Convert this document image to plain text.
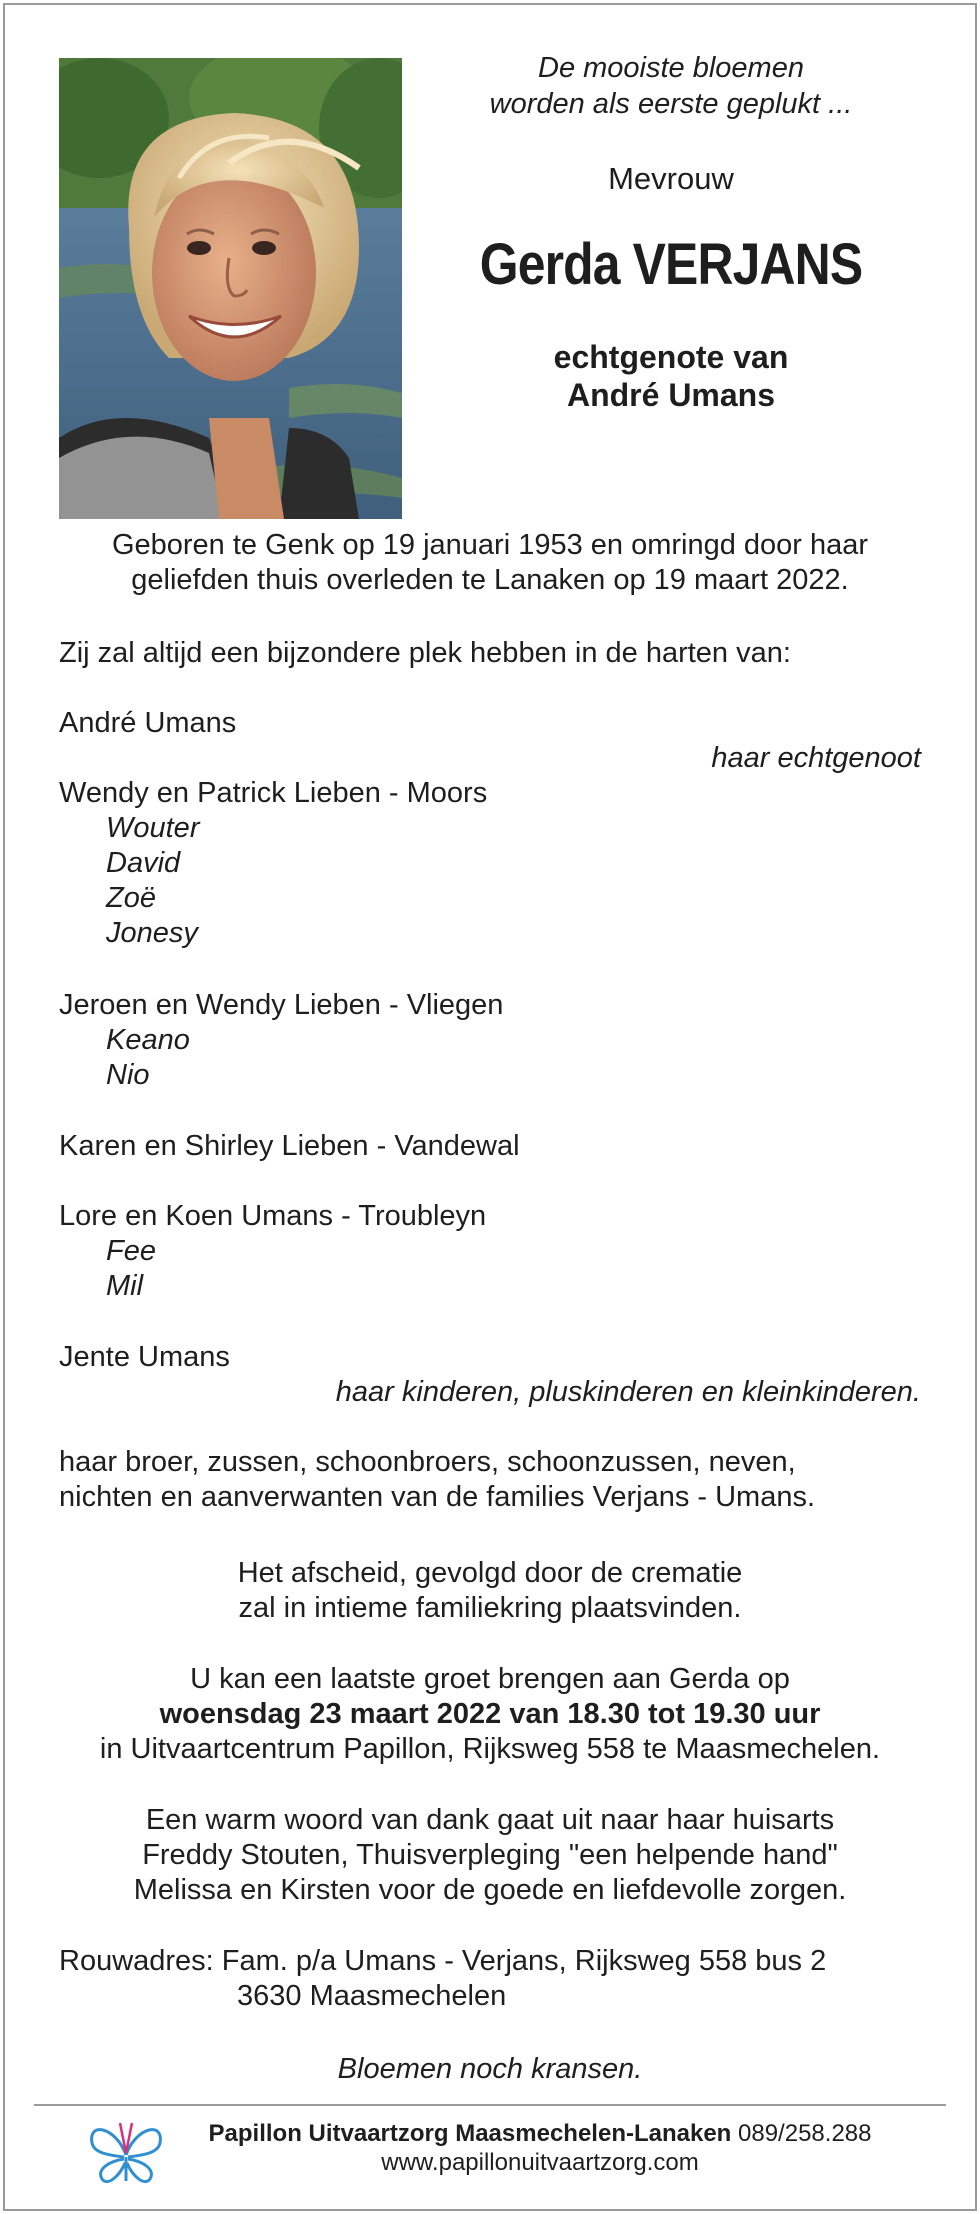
De mooiste bloemen
worden als eerste geplukt ...
Mevrouw
Gerda VERJANS
echtgenote van
André Umans
Geboren te Genk op 19 januari 1953 en omringd door haar
geliefden thuis overleden te Lanaken op 19 maart 2022.
Zij zal altijd een bijzondere plek hebben in de harten van:
André Umans
haar echtgenoot
Wendy en Patrick Lieben - Moors
Wouter
David
Zoë
Jonesy
Jeroen en Wendy Lieben - Vliegen
Keano
Nio
Karen en Shirley Lieben - Vandewal
Lore en Koen Umans - Troubleyn
Fee
Mil
Jente Umans
haar kinderen, pluskinderen en kleinkinderen.
haar broer, zussen, schoonbroers, schoonzussen, neven,
nichten en aanverwanten van de families Verjans - Umans.
Het afscheid, gevolgd door de crematie
zal in intieme familiekring plaatsvinden.
U kan een laatste groet brengen aan Gerda op
woensdag 23 maart 2022 van 18.30 tot 19.30 uur
in Uitvaartcentrum Papillon, Rijksweg 558 te Maasmechelen.
Een warm woord van dank gaat uit naar haar huisarts
Freddy Stouten, Thuisverpleging "een helpende hand"
Melissa en Kirsten voor de goede en liefdevolle zorgen.
Rouwadres: Fam. p/a Umans - Verjans, Rijksweg 558 bus 2
3630 Maasmechelen
Bloemen noch kransen.
Papillon Uitvaartzorg Maasmechelen-Lanaken 089/258.288
www.papillonuitvaartzorg.com
